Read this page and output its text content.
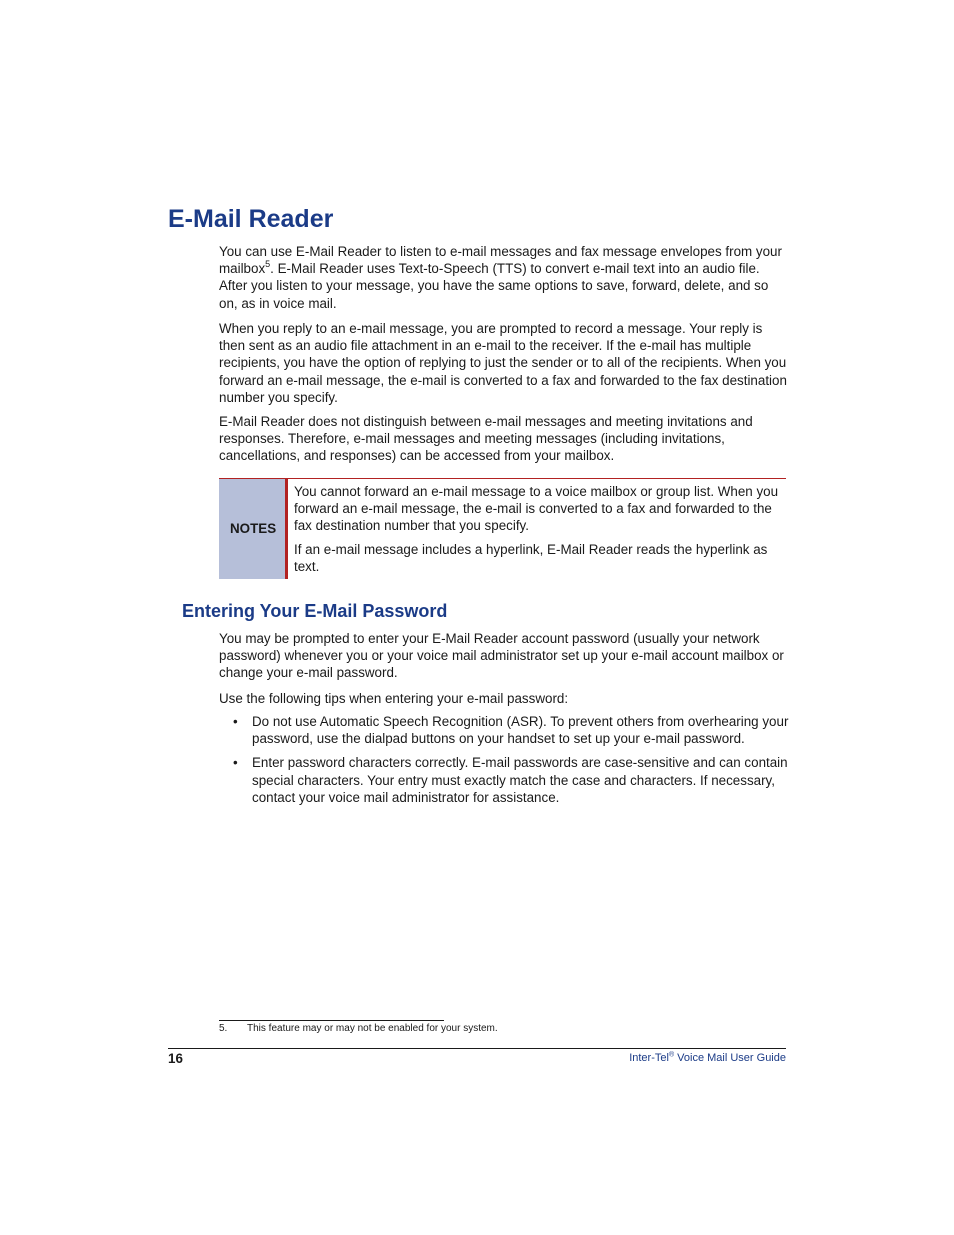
E-Mail Reader

You can use E-Mail Reader to listen to e-mail messages and fax message envelopes from your mailbox$^5$. E-Mail Reader uses Text-to-Speech (TTS) to convert e-mail text into an audio file. After you listen to your message, you have the same options to save, forward, delete, and so on, as in voice mail.

When you reply to an e-mail message, you are prompted to record a message. Your reply is then sent as an audio file attachment in an e-mail to the receiver. If the e-mail has multiple recipients, you have the option of replying to just the sender or to all of the recipients. When you forward an e-mail message, the e-mail is converted to a fax and forwarded to the fax destination number you specify.

E-Mail Reader does not distinguish between e-mail messages and meeting invitations and responses. Therefore, e-mail messages and meeting messages (including invitations, cancellations, and responses) can be accessed from your mailbox.

NOTES

You cannot forward an e-mail message to a voice mailbox or group list. When you forward an e-mail message, the e-mail is converted to a fax and forwarded to the fax destination number that you specify.

If an e-mail message includes a hyperlink, E-Mail Reader reads the hyperlink as text.

Entering Your E-Mail Password

You may be prompted to enter your E-Mail Reader account password (usually your network password) whenever you or your voice mail administrator set up your e-mail account mailbox or change your e-mail password.

Use the following tips when entering your e-mail password:

• Do not use Automatic Speech Recognition (ASR). To prevent others from overhearing your password, use the dialpad buttons on your handset to set up your e-mail password.
• Enter password characters correctly. E-mail passwords are case-sensitive and can contain special characters. Your entry must exactly match the case and characters. If necessary, contact your voice mail administrator for assistance.
5. This feature may or may not be enabled for your system.
16	Inter-Tel® Voice Mail User Guide
